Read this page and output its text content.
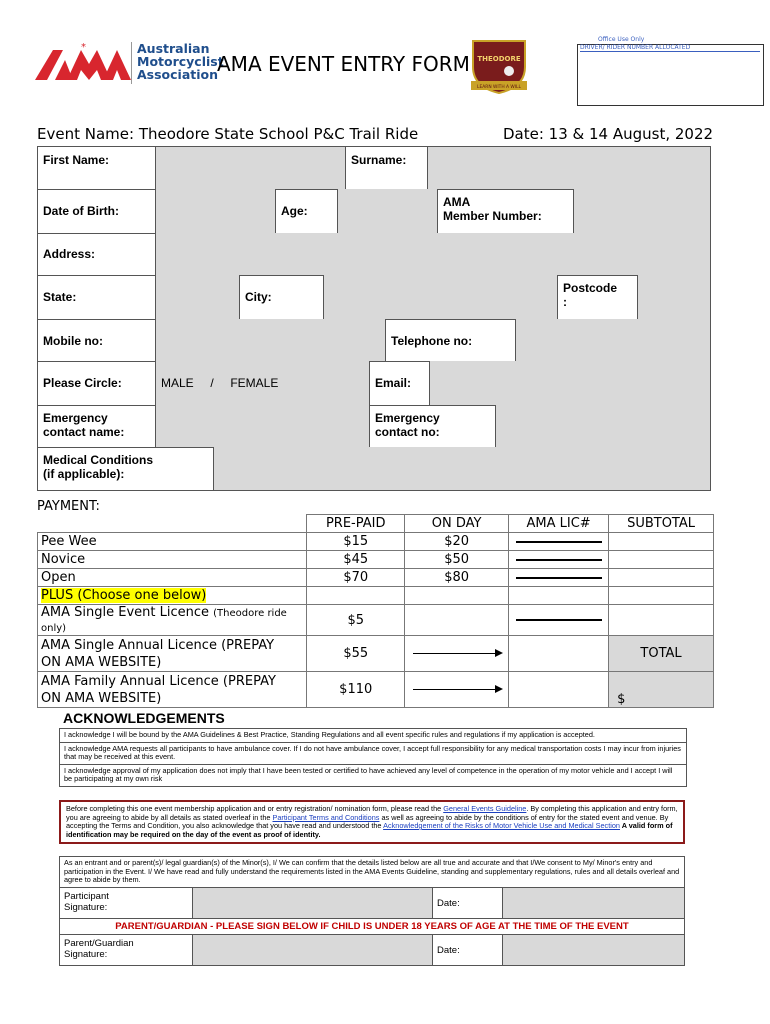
*	Australian
Motorcyclist
Association
AMA EVENT ENTRY FORM THEODORE
LEARN WITH A WILL
Office Use Only
DRIVER/ RIDER NUMBER ALLOCATED
Event Name: Theodore State School P&C Trail Ride	Date: 13 & 14 August, 2022
First Name:	Surname:
Date of Birth:	Age:
AMA
Member Number:
Address:
State:	City:
Postcode
:
Mobile no:	Telephone no:
Please Circle:	MALE     /     FEMALE	Email:
Emergency
contact name:
Emergency
contact no:
Medical Conditions
(if applicable):
PAYMENT:
	PRE-PAID	ON DAY	AMA LIC#	SUBTOTAL
Pee Wee	$15	$20		
Novice	$45	$50		
Open	$70	$80		
PLUS (Choose one below)				
AMA Single Event Licence (Theodore ride only)	$5			

AMA Single Annual Licence (PREPAY
ON AMA WEBSITE)	$55			TOTAL

AMA Family Annual Licence (PREPAY
ON AMA WEBSITE)	$110			$
ACKNOWLEDGEMENTS
I acknowledge I will be bound by the AMA Guidelines & Best Practice, Standing Regulations and all event specific rules and regulations if my application is accepted.
I acknowledge AMA requests all participants to have ambulance cover. If I do not have ambulance cover, I accept full responsibility for any medical transportation costs I may incur from injuries that may be received at this event.
I acknowledge approval of my application does not imply that I have been tested or certified to have achieved any level of competence in the operation of my motor vehicle and I accept I will be participating at my own risk
Before completing this one event membership application and or entry registration/ nomination form, please read the General Events Guideline. By completing this application and entry form, you are agreeing to abide by all details as stated overleaf in the Participant Terms and Conditions as well as agreeing to abide by the conditions of entry for the stated event and venue. By accepting the Terms and Condition, you also acknowledge that you have read and understood the Acknowledgement of the Risks of Motor Vehicle Use and Medical Section A valid form of identification may be required on the day of the event as proof of identity.
As an entrant and or parent(s)/ legal guardian(s) of the Minor(s), I/ We can confirm that the details listed below are all true and accurate and that I/We consent to My/ Minor's entry and participation in the Event. I/ We have read and fully understand the requirements listed in the AMA Events Guideline, standing and supplementary regulations, rules and all details overleaf and agree to abide by them.
Participant
Signature:	Date:
PARENT/GUARDIAN - PLEASE SIGN BELOW IF CHILD IS UNDER 18 YEARS OF AGE AT THE TIME OF THE EVENT
Parent/Guardian
Signature:	Date:
